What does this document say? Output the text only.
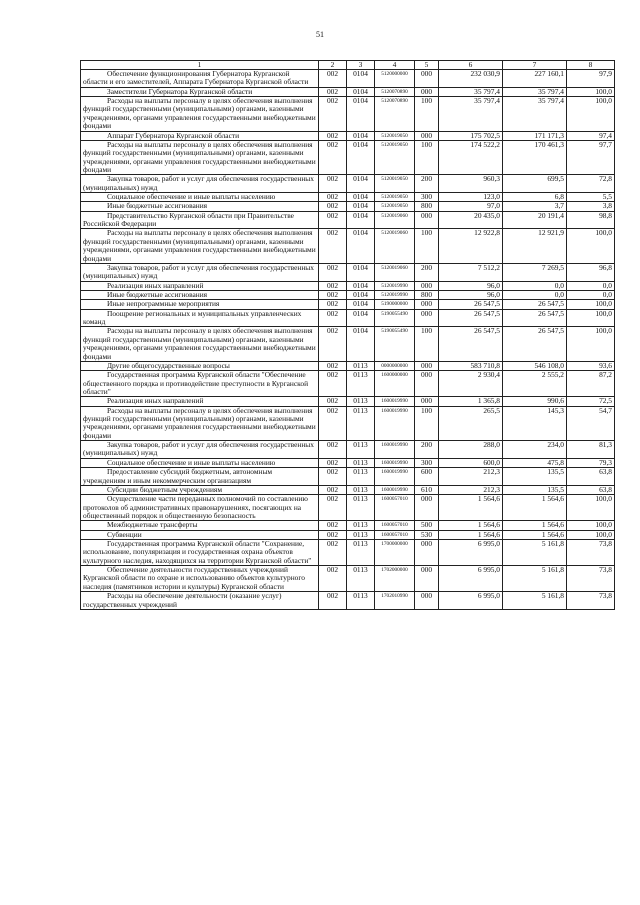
51
1	2	3	4	5	6	7	8
Обеспечение функционирования Губернатора Курганской области и его заместителей, Аппарата Губернатора Курганской области	002	0104	5120000000	000	232 030,9	227 160,1	97,9
Заместители Губернатора Курганской области	002	0104	5120070890	000	35 797,4	35 797,4	100,0
Расходы на выплаты персоналу в целях обеспечения выполнения функций государственными (муниципальными) органами, казенными учреждениями, органами управления государственными внебюджетными фондами	002	0104	5120070890	100	35 797,4	35 797,4	100,0
Аппарат Губернатора Курганской области	002	0104	5120019050	000	175 702,5	171 171,3	97,4
Расходы на выплаты персоналу в целях обеспечения выполнения функций государственными (муниципальными) органами, казенными учреждениями, органами управления государственными внебюджетными фондами	002	0104	5120019050	100	174 522,2	170 461,3	97,7
Закупка товаров, работ и услуг для обеспечения государственных (муниципальных) нужд	002	0104	5120019050	200	960,3	699,5	72,8
Социальное обеспечение и иные выплаты населению	002	0104	5120019050	300	123,0	6,8	5,5
Иные бюджетные ассигнования	002	0104	5120019050	800	97,0	3,7	3,8
Представительство Курганской области при Правительстве Российской Федерации	002	0104	5120019060	000	20 435,0	20 191,4	98,8
Расходы на выплаты персоналу в целях обеспечения выполнения функций государственными (муниципальными) органами, казенными учреждениями, органами управления государственными внебюджетными фондами	002	0104	5120019060	100	12 922,8	12 921,9	100,0
Закупка товаров, работ и услуг для обеспечения государственных (муниципальных) нужд	002	0104	5120019060	200	7 512,2	7 269,5	96,8
Реализация иных направлений	002	0104	5120019990	000	96,0	0,0	0,0
Иные бюджетные ассигнования	002	0104	5120019990	800	96,0	0,0	0,0
Иные непрограммные мероприятия	002	0104	5190000000	000	26 547,5	26 547,5	100,0
Поощрение региональных и муниципальных управленческих команд	002	0104	5190055490	000	26 547,5	26 547,5	100,0
Расходы на выплаты персоналу в целях обеспечения выполнения функций государственными (муниципальными) органами, казенными учреждениями, органами управления государственными внебюджетными фондами	002	0104	5190055490	100	26 547,5	26 547,5	100,0
Другие общегосударственные вопросы	002	0113	0000000000	000	583 710,8	546 108,0	93,6
Государственная программа Курганской области "Обеспечение общественного порядка и противодействие преступности в Курганской области"	002	0113	1600000000	000	2 930,4	2 555,2	87,2
Реализация иных направлений	002	0113	1600019990	000	1 365,8	990,6	72,5
Расходы на выплаты персоналу в целях обеспечения выполнения функций государственными (муниципальными) органами, казенными учреждениями, органами управления государственными внебюджетными фондами	002	0113	1600019990	100	265,5	145,3	54,7
Закупка товаров, работ и услуг для обеспечения государственных (муниципальных) нужд	002	0113	1600019990	200	288,0	234,0	81,3
Социальное обеспечение и иные выплаты населению	002	0113	1600019990	300	600,0	475,8	79,3
Предоставление субсидий бюджетным, автономным учреждениям и иным некоммерческим организациям	002	0113	1600019990	600	212,3	135,5	63,8
Субсидии бюджетным учреждениям	002	0113	1600019990	610	212,3	135,5	63,8
Осуществление части переданных полномочий по составлению протоколов об административных правонарушениях, посягающих на общественный порядок и общественную безопасность	002	0113	1600057010	000	1 564,6	1 564,6	100,0
Межбюджетные трансферты	002	0113	1600057010	500	1 564,6	1 564,6	100,0
Субвенции	002	0113	1600057010	530	1 564,6	1 564,6	100,0
Государственная программа Курганской области "Сохранение, использование, популяризация и государственная охрана объектов культурного наследия, находящихся на территории Курганской области"	002	0113	1700000000	000	6 995,0	5 161,8	73,8
Обеспечение деятельности государственных учреждений Курганской области по охране и использованию объектов культурного наследия (памятников истории и культуры) Курганской области	002	0113	1702000000	000	6 995,0	5 161,8	73,8
Расходы на обеспечение деятельности (оказание услуг) государственных учреждений	002	0113	1702010990	000	6 995,0	5 161,8	73,8
